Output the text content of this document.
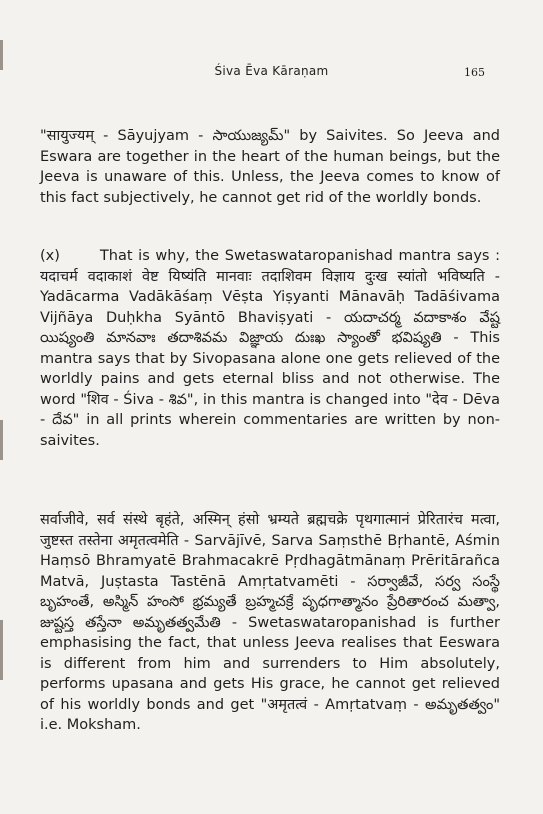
Śiva Ēva Kāraṇam	165
"सायुज्यम् - Sāyujyam - సాయుజ్యమ్" by Saivites. So Jeeva and Eswara are together in the heart of the human beings, but the Jeeva is unaware of this. Unless, the Jeeva comes to know of this fact subjectively, he cannot get rid of the worldly bonds.
(x)	That is why, the Swetaswataropanishad mantra says : यदाचर्म वदाकाशं वेष्ट यिष्यंति मानवाः तदाशिवम विज्ञाय दुःख स्यांतो भविष्यति -Yadācarma Vadākāśaṃ Vēṣta Yiṣyanti Mānavāḥ Tadāśivama Vijñāya Duḥkha Syāntō Bhaviṣyati - యదాచర్మ వదాకాశం వేష్ట యిష్యంతి మానవాః తదాశివమ విజ్ఞాయ దుఃఖ స్యాంతో భవిష్యతి - This mantra says that by Sivopasana alone one gets relieved of the worldly pains and gets eternal bliss and not otherwise. The word "शिव - Śiva - శివ", in this mantra is changed into "देव - Dēva - దేవ" in all prints wherein commentaries are written by non-saivites.
सर्वाजीवे, सर्व संस्थे बृहंते, अस्मिन् हंसो भ्रम्यते ब्रह्मचक्रे पृथगात्मानं प्रेरितारंच मत्वा, जुष्टस्त तस्तेना अमृतत्वमेति - Sarvājīvē, Sarva Saṃsthē Bṛhantē, Aśmin Haṃsō Bhramyatē Brahmacakrē Pṛdhagātmānaṃ Prēritārañca Matvā, Juṣtasta Tastēnā Amṛtatvamēti - సర్వాజీవే, సర్వ సంస్థే బృహంతే, అస్మిన్ హంసో భ్రమ్యతే బ్రహ్మచక్రే పృధగాత్మానం ప్రేరితారంచ మత్వా, జుష్టస్త తస్తేనా అమృతత్వమేతి - Swetaswataropanishad is further emphasising the fact, that unless Jeeva realises that Eeswara is different from him and surrenders to Him absolutely, performs upasana and gets His grace, he cannot get relieved of his worldly bonds and get "अमृतत्वं - Amṛtatvaṃ - అమృతత్వం" i.e. Moksham.
